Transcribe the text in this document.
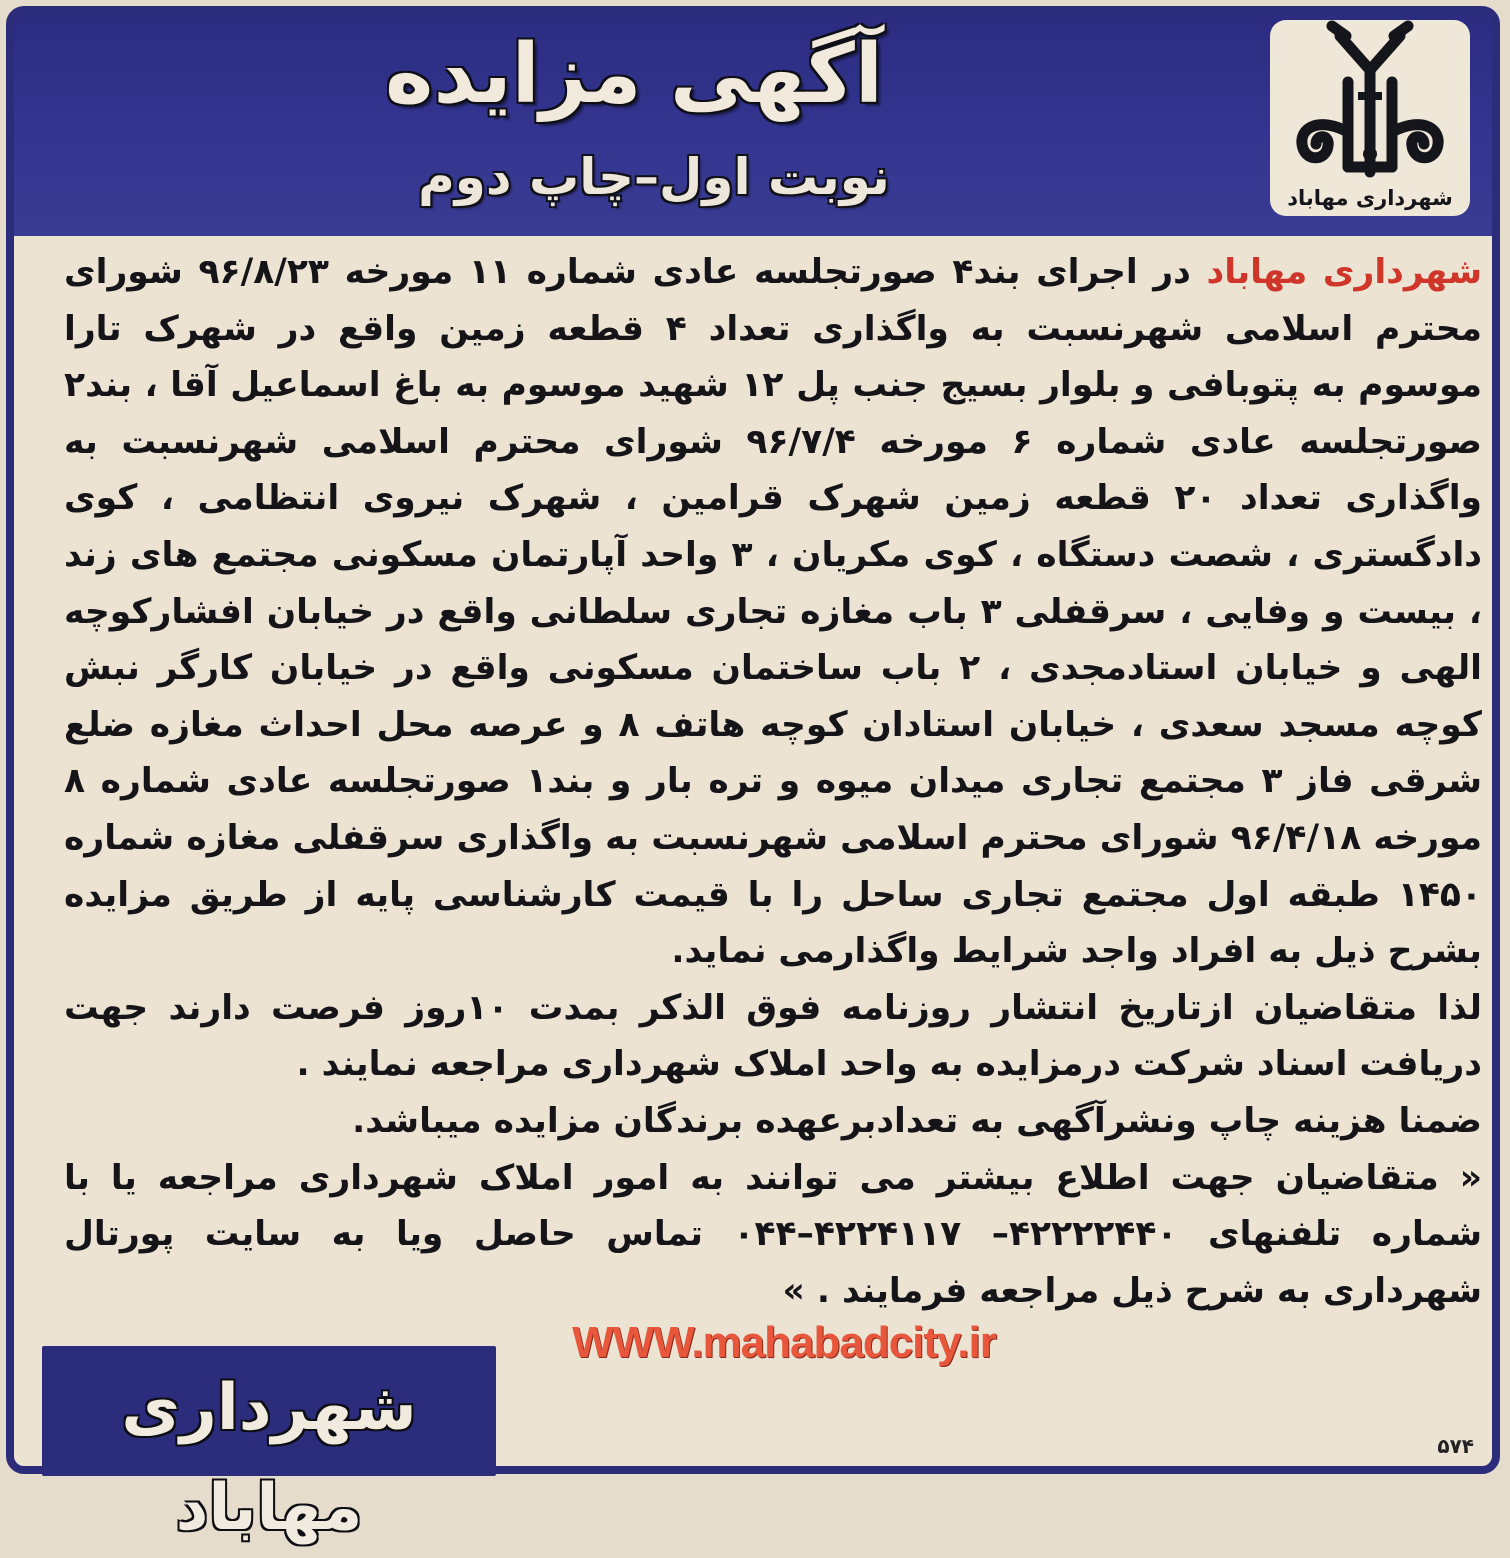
شهرداری مهاباد
آگهی مزایده
نوبت اول–چاپ دوم

شهرداری مهاباد در اجرای بند۴ صورتجلسه عادی شماره ۱۱ مورخه ۹۶/۸/۲۳ شورای محترم اسلامی شهرنسبت به واگذاری تعداد ۴ قطعه زمین واقع در شهرک تارا موسوم به پتوبافی و بلوار بسیج جنب پل ۱۲ شهید موسوم به باغ اسماعیل آقا ، بند۲ صورتجلسه عادی شماره ۶ مورخه ۹۶/۷/۴ شورای محترم اسلامی شهرنسبت به واگذاری تعداد ۲۰ قطعه زمین شهرک قرامین ، شهرک نیروی انتظامی ، کوی دادگستری ، شصت دستگاه ، کوی مکریان ، ۳ واحد آپارتمان مسکونی مجتمع های زند ، بیست و وفایی ، سرقفلی ۳ باب مغازه تجاری سلطانی واقع در خیابان افشارکوچه الهی و خیابان استادمجدی ، ۲ باب ساختمان مسکونی واقع در خیابان کارگر نبش کوچه مسجد سعدی ، خیابان استادان کوچه هاتف ۸ و عرصه محل احداث مغازه ضلع شرقی فاز ۳ مجتمع تجاری میدان میوه و تره بار و بند۱ صورتجلسه عادی شماره ۸ مورخه ۹۶/۴/۱۸ شورای محترم اسلامی شهرنسبت به واگذاری سرقفلی مغازه شماره ۱۴۵۰ طبقه اول مجتمع تجاری ساحل را با قیمت کارشناسی پایه از طریق مزایده بشرح ذیل به افراد واجد شرایط واگذارمی نماید.

لذا متقاضیان ازتاریخ انتشار روزنامه فوق الذکر بمدت ۱۰روز فرصت دارند جهت دریافت اسناد شرکت درمزایده به واحد املاک شهرداری مراجعه نمایند .

ضمنا هزینه چاپ ونشرآگهی به تعدادبرعهده برندگان مزایده میباشد.

« متقاضیان جهت اطلاع بیشتر می توانند به امور املاک شهرداری مراجعه یا با شماره تلفنهای ۴۲۲۲۲۴۴۰– ۴۲۲۴۱۱۷–۰۴۴ تماس حاصل ویا به سایت پورتال شهرداری به شرح ذیل مراجعه فرمایند . »

WWW.mahabadcity.ir
شهرداری مهاباد
۵۷۴
